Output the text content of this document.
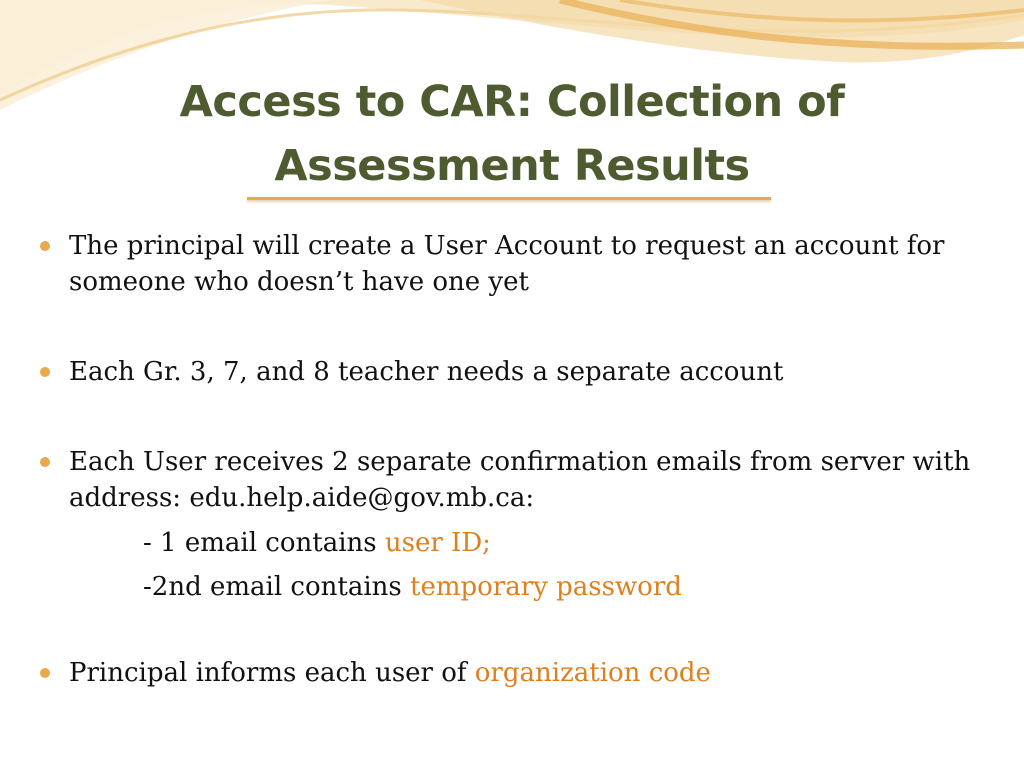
Access to CAR: Collection of Assessment Results
The principal will create a User Account to request an account for someone who doesn’t have one yet
Each Gr. 3, 7, and 8 teacher needs a separate account
Each User receives 2 separate confirmation emails from server with address: edu.help.aide@gov.mb.ca:
- 1 email contains user ID;
-2nd email contains temporary password
Principal informs each user of organization code
